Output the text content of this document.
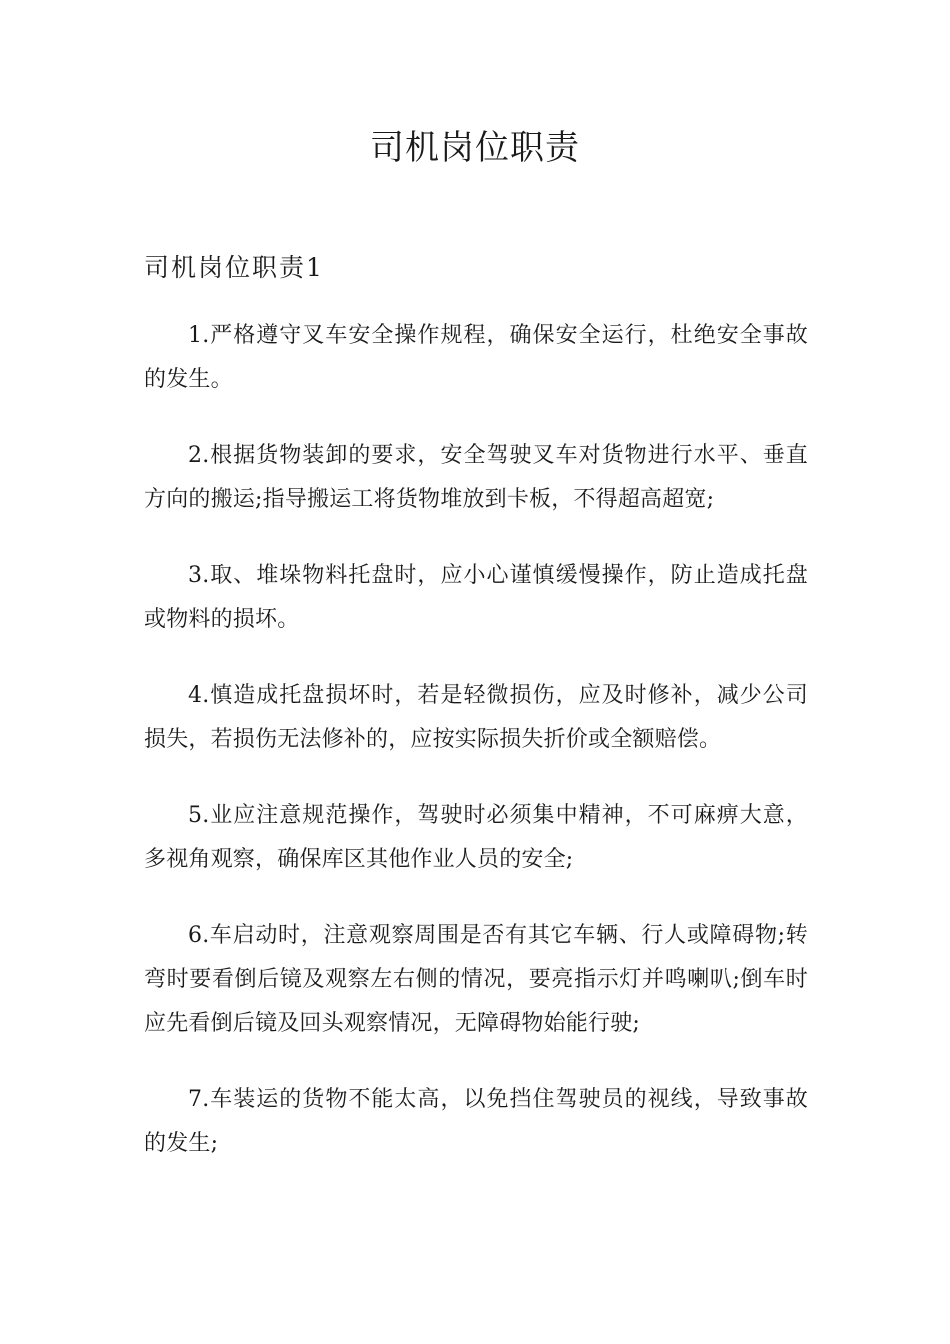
司机岗位职责
司机岗位职责1

1.严格遵守叉车安全操作规程，确保安全运行，杜绝安全事故的发生。

2.根据货物装卸的要求，安全驾驶叉车对货物进行水平、垂直方向的搬运;指导搬运工将货物堆放到卡板，不得超高超宽;

3.取、堆垛物料托盘时，应小心谨慎缓慢操作，防止造成托盘或物料的损坏。

4.慎造成托盘损坏时，若是轻微损伤，应及时修补，减少公司损失，若损伤无法修补的，应按实际损失折价或全额赔偿。

5.业应注意规范操作，驾驶时必须集中精神，不可麻痹大意，多视角观察，确保库区其他作业人员的安全;

6.车启动时，注意观察周围是否有其它车辆、行人或障碍物;转弯时要看倒后镜及观察左右侧的情况，要亮指示灯并鸣喇叭;倒车时应先看倒后镜及回头观察情况，无障碍物始能行驶;

7.车装运的货物不能太高，以免挡住驾驶员的视线，导致事故的发生;
